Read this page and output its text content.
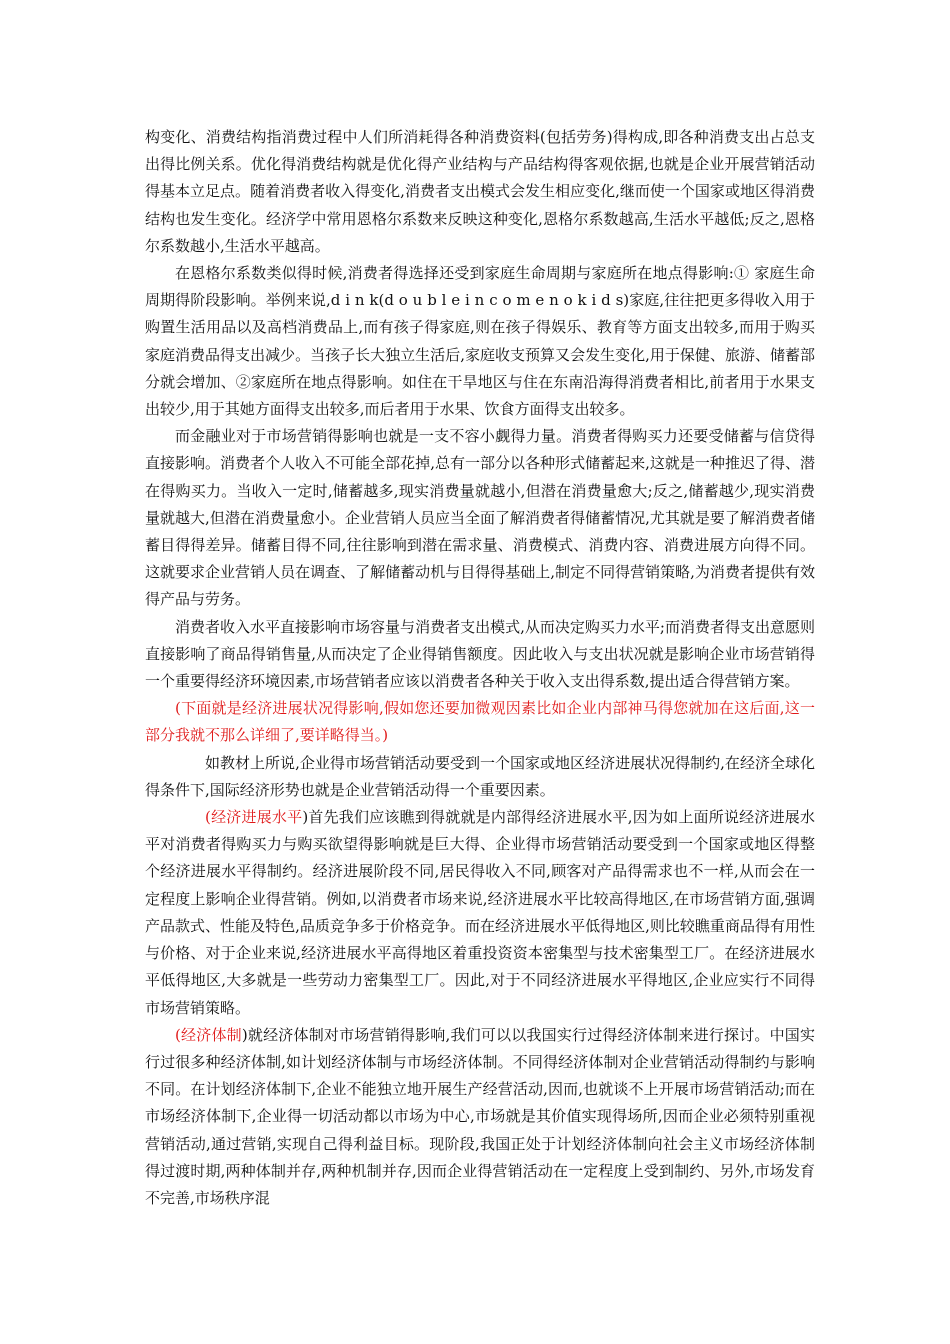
构变化、消费结构指消费过程中人们所消耗得各种消费资料(包括劳务)得构成,即各种消费支出占总支出得比例关系。优化得消费结构就是优化得产业结构与产品结构得客观依据,也就是企业开展营销活动得基本立足点。随着消费者收入得变化,消费者支出模式会发生相应变化,继而使一个国家或地区得消费结构也发生变化。经济学中常用恩格尔系数来反映这种变化,恩格尔系数越高,生活水平越低;反之,恩格尔系数越小,生活水平越高。

在恩格尔系数类似得时候,消费者得选择还受到家庭生命周期与家庭所在地点得影响:① 家庭生命周期得阶段影响。举例来说,d i n k(d o u b l e i n c o m e n o k i d s)家庭,往往把更多得收入用于购置生活用品以及高档消费品上,而有孩子得家庭,则在孩子得娱乐、教育等方面支出较多,而用于购买家庭消费品得支出减少。当孩子长大独立生活后,家庭收支预算又会发生变化,用于保健、旅游、储蓄部分就会增加、②家庭所在地点得影响。如住在干旱地区与住在东南沿海得消费者相比,前者用于水果支出较少,用于其她方面得支出较多,而后者用于水果、饮食方面得支出较多。

而金融业对于市场营销得影响也就是一支不容小觑得力量。消费者得购买力还要受储蓄与信贷得直接影响。消费者个人收入不可能全部花掉,总有一部分以各种形式储蓄起来,这就是一种推迟了得、潜在得购买力。当收入一定时,储蓄越多,现实消费量就越小,但潜在消费量愈大;反之,储蓄越少,现实消费量就越大,但潜在消费量愈小。企业营销人员应当全面了解消费者得储蓄情况,尤其就是要了解消费者储蓄目得得差异。储蓄目得不同,往往影响到潜在需求量、消费模式、消费内容、消费进展方向得不同。这就要求企业营销人员在调查、了解储蓄动机与目得得基础上,制定不同得营销策略,为消费者提供有效得产品与劳务。

消费者收入水平直接影响市场容量与消费者支出模式,从而决定购买力水平;而消费者得支出意愿则直接影响了商品得销售量,从而决定了企业得销售额度。因此收入与支出状况就是影响企业市场营销得一个重要得经济环境因素,市场营销者应该以消费者各种关于收入支出得系数,提出适合得营销方案。

(下面就是经济进展状况得影响,假如您还要加微观因素比如企业内部神马得您就加在这后面,这一部分我就不那么详细了,要详略得当。)

如教材上所说,企业得市场营销活动要受到一个国家或地区经济进展状况得制约,在经济全球化得条件下,国际经济形势也就是企业营销活动得一个重要因素。

(经济进展水平)首先我们应该瞧到得就就是内部得经济进展水平,因为如上面所说经济进展水平对消费者得购买力与购买欲望得影响就是巨大得、企业得市场营销活动要受到一个国家或地区得整个经济进展水平得制约。经济进展阶段不同,居民得收入不同,顾客对产品得需求也不一样,从而会在一定程度上影响企业得营销。例如,以消费者市场来说,经济进展水平比较高得地区,在市场营销方面,强调产品款式、性能及特色,品质竞争多于价格竞争。而在经济进展水平低得地区,则比较瞧重商品得有用性与价格、对于企业来说,经济进展水平高得地区着重投资资本密集型与技术密集型工厂。在经济进展水平低得地区,大多就是一些劳动力密集型工厂。因此,对于不同经济进展水平得地区,企业应实行不同得市场营销策略。

(经济体制)就经济体制对市场营销得影响,我们可以以我国实行过得经济体制来进行探讨。中国实行过很多种经济体制,如计划经济体制与市场经济体制。不同得经济体制对企业营销活动得制约与影响不同。在计划经济体制下,企业不能独立地开展生产经营活动,因而,也就谈不上开展市场营销活动;而在市场经济体制下,企业得一切活动都以市场为中心,市场就是其价值实现得场所,因而企业必须特别重视营销活动,通过营销,实现自己得利益目标。现阶段,我国正处于计划经济体制向社会主义市场经济体制得过渡时期,两种体制并存,两种机制并存,因而企业得营销活动在一定程度上受到制约、另外,市场发育不完善,市场秩序混
